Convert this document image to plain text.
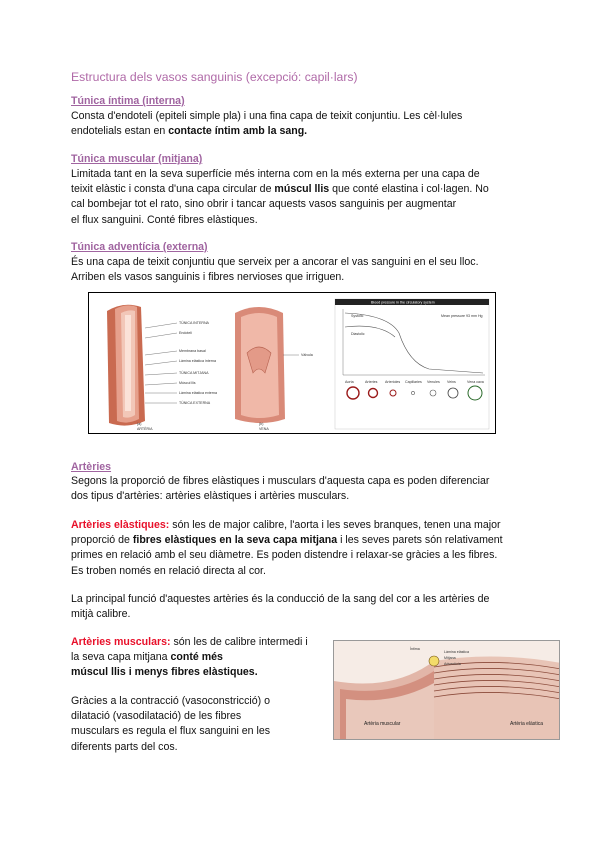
Estructura dels vasos sanguinis (excepció: capil·lars)
Túnica íntima (interna)
Consta d'endoteli (epiteli simple pla) i una fina capa de teixit conjuntiu. Les cèl·lules
endotelials estan en contacte íntim amb la sang.
Túnica muscular (mitjana)
Limitada tant en la seva superfície més interna com en la més externa per una capa de
teixit elàstic i consta d'una capa circular de múscul llis que conté elastina i col·lagen. No
cal bombejar tot el rato, sino obrir i tancar aquests vasos sanguinis per augmentar
el flux sanguini. Conté fibres elàstiques.
Túnica adventícia (externa)
És una capa de teixit conjuntiu que serveix per a ancorar el vas sanguini en el seu lloc.
Arriben els vasos sanguinis i fibres nervioses que irriguen.
TÚNICA INTERNA
Endoteli
Membrana basal
Làmina elàstica interna
TÚNICA MITJANA
Múscul llis
Làmina elàstica externa
TÚNICA EXTERNA
(a)
ARTÈRIA
Vàlvula
(b)
VENA
Blood pressure in the circulatory system
Mean pressure 93 mm Hg
Systolic
Diastolic
Aorta	Arteries Arterioles Capillaries Venules Veins	Vena cava
Artèries
Segons la proporció de fibres elàstiques i musculars d'aquesta capa es poden diferenciar
dos tipus d'artèries: artèries elàstiques i artèries musculars.
Artèries elàstiques: són les de major calibre, l'aorta i les seves branques, tenen una major
proporció de fibres elàstiques en la seva capa mitjana i les seves parets són relativament
primes en relació amb el seu diàmetre. Es poden distendre i relaxar-se gràcies a les fibres.
Es troben només en relació directa al cor.
La principal funció d'aquestes artèries és la conducció de la sang del cor a les artèries de
mitjà calibre.
Artèries musculars: són les de calibre intermedi i
la seva capa mitjana conté més
múscul llis i menys fibres elàstiques.
Gràcies a la contracció (vasoconstricció) o
dilatació (vasodilatació) de les fibres
musculars es regula el flux sanguini en les
diferents parts del cos.
Íntima
Làmina elàstica
Mitjana
Adventícia
Artèria muscular	Artèria elàstica
